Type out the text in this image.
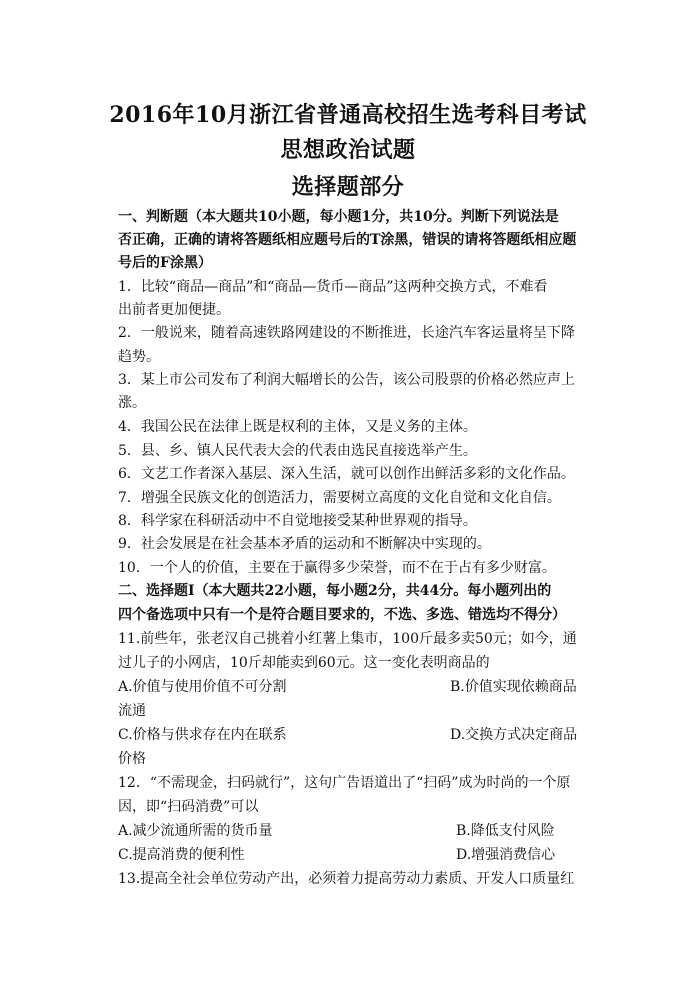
2016年10月浙江省普通高校招生选考科目考试
思想政治试题
选择题部分
一、判断题（本大题共10小题，每小题1分，共10分。判断下列说法是
否正确，正确的请将答题纸相应题号后的T涂黑，错误的请将答题纸相应题
号后的F涂黑）
1．比较“商品—商品”和“商品—货币—商品”这两种交换方式，不难看
出前者更加便捷。
2．一般说来，随着高速铁路网建设的不断推进，长途汽车客运量将呈下降
趋势。
3．某上市公司发布了利润大幅增长的公告，该公司股票的价格必然应声上
涨。
4．我国公民在法律上既是权利的主体，又是义务的主体。
5．县、乡、镇人民代表大会的代表由选民直接选举产生。
6．文艺工作者深入基层、深入生活，就可以创作出鲜活多彩的文化作品。
7．增强全民族文化的创造活力，需要树立高度的文化自觉和文化自信。
8．科学家在科研活动中不自觉地接受某种世界观的指导。
9．社会发展是在社会基本矛盾的运动和不断解决中实现的。
10．一个人的价值，主要在于赢得多少荣誉，而不在于占有多少财富。
二、选择题Ⅰ（本大题共22小题，每小题2分，共44分。每小题列出的
四个备选项中只有一个是符合题目要求的，不选、多选、错选均不得分）
11.前些年，张老汉自己挑着小红薯上集市，100斤最多卖50元；如今，通
过儿子的小网店，10斤却能卖到60元。这一变化表明商品的
A.价值与使用价值不可分割	B.价值实现依赖商品
流通
C.价格与供求存在内在联系	D.交换方式决定商品
价格
12．“不需现金，扫码就行”，这句广告语道出了“扫码”成为时尚的一个原
因，即“扫码消费”可以
A.减少流通所需的货币量	B.降低支付风险
C.提高消费的便利性	D.增强消费信心
13.提高全社会单位劳动产出，必须着力提高劳动力素质、开发人口质量红
